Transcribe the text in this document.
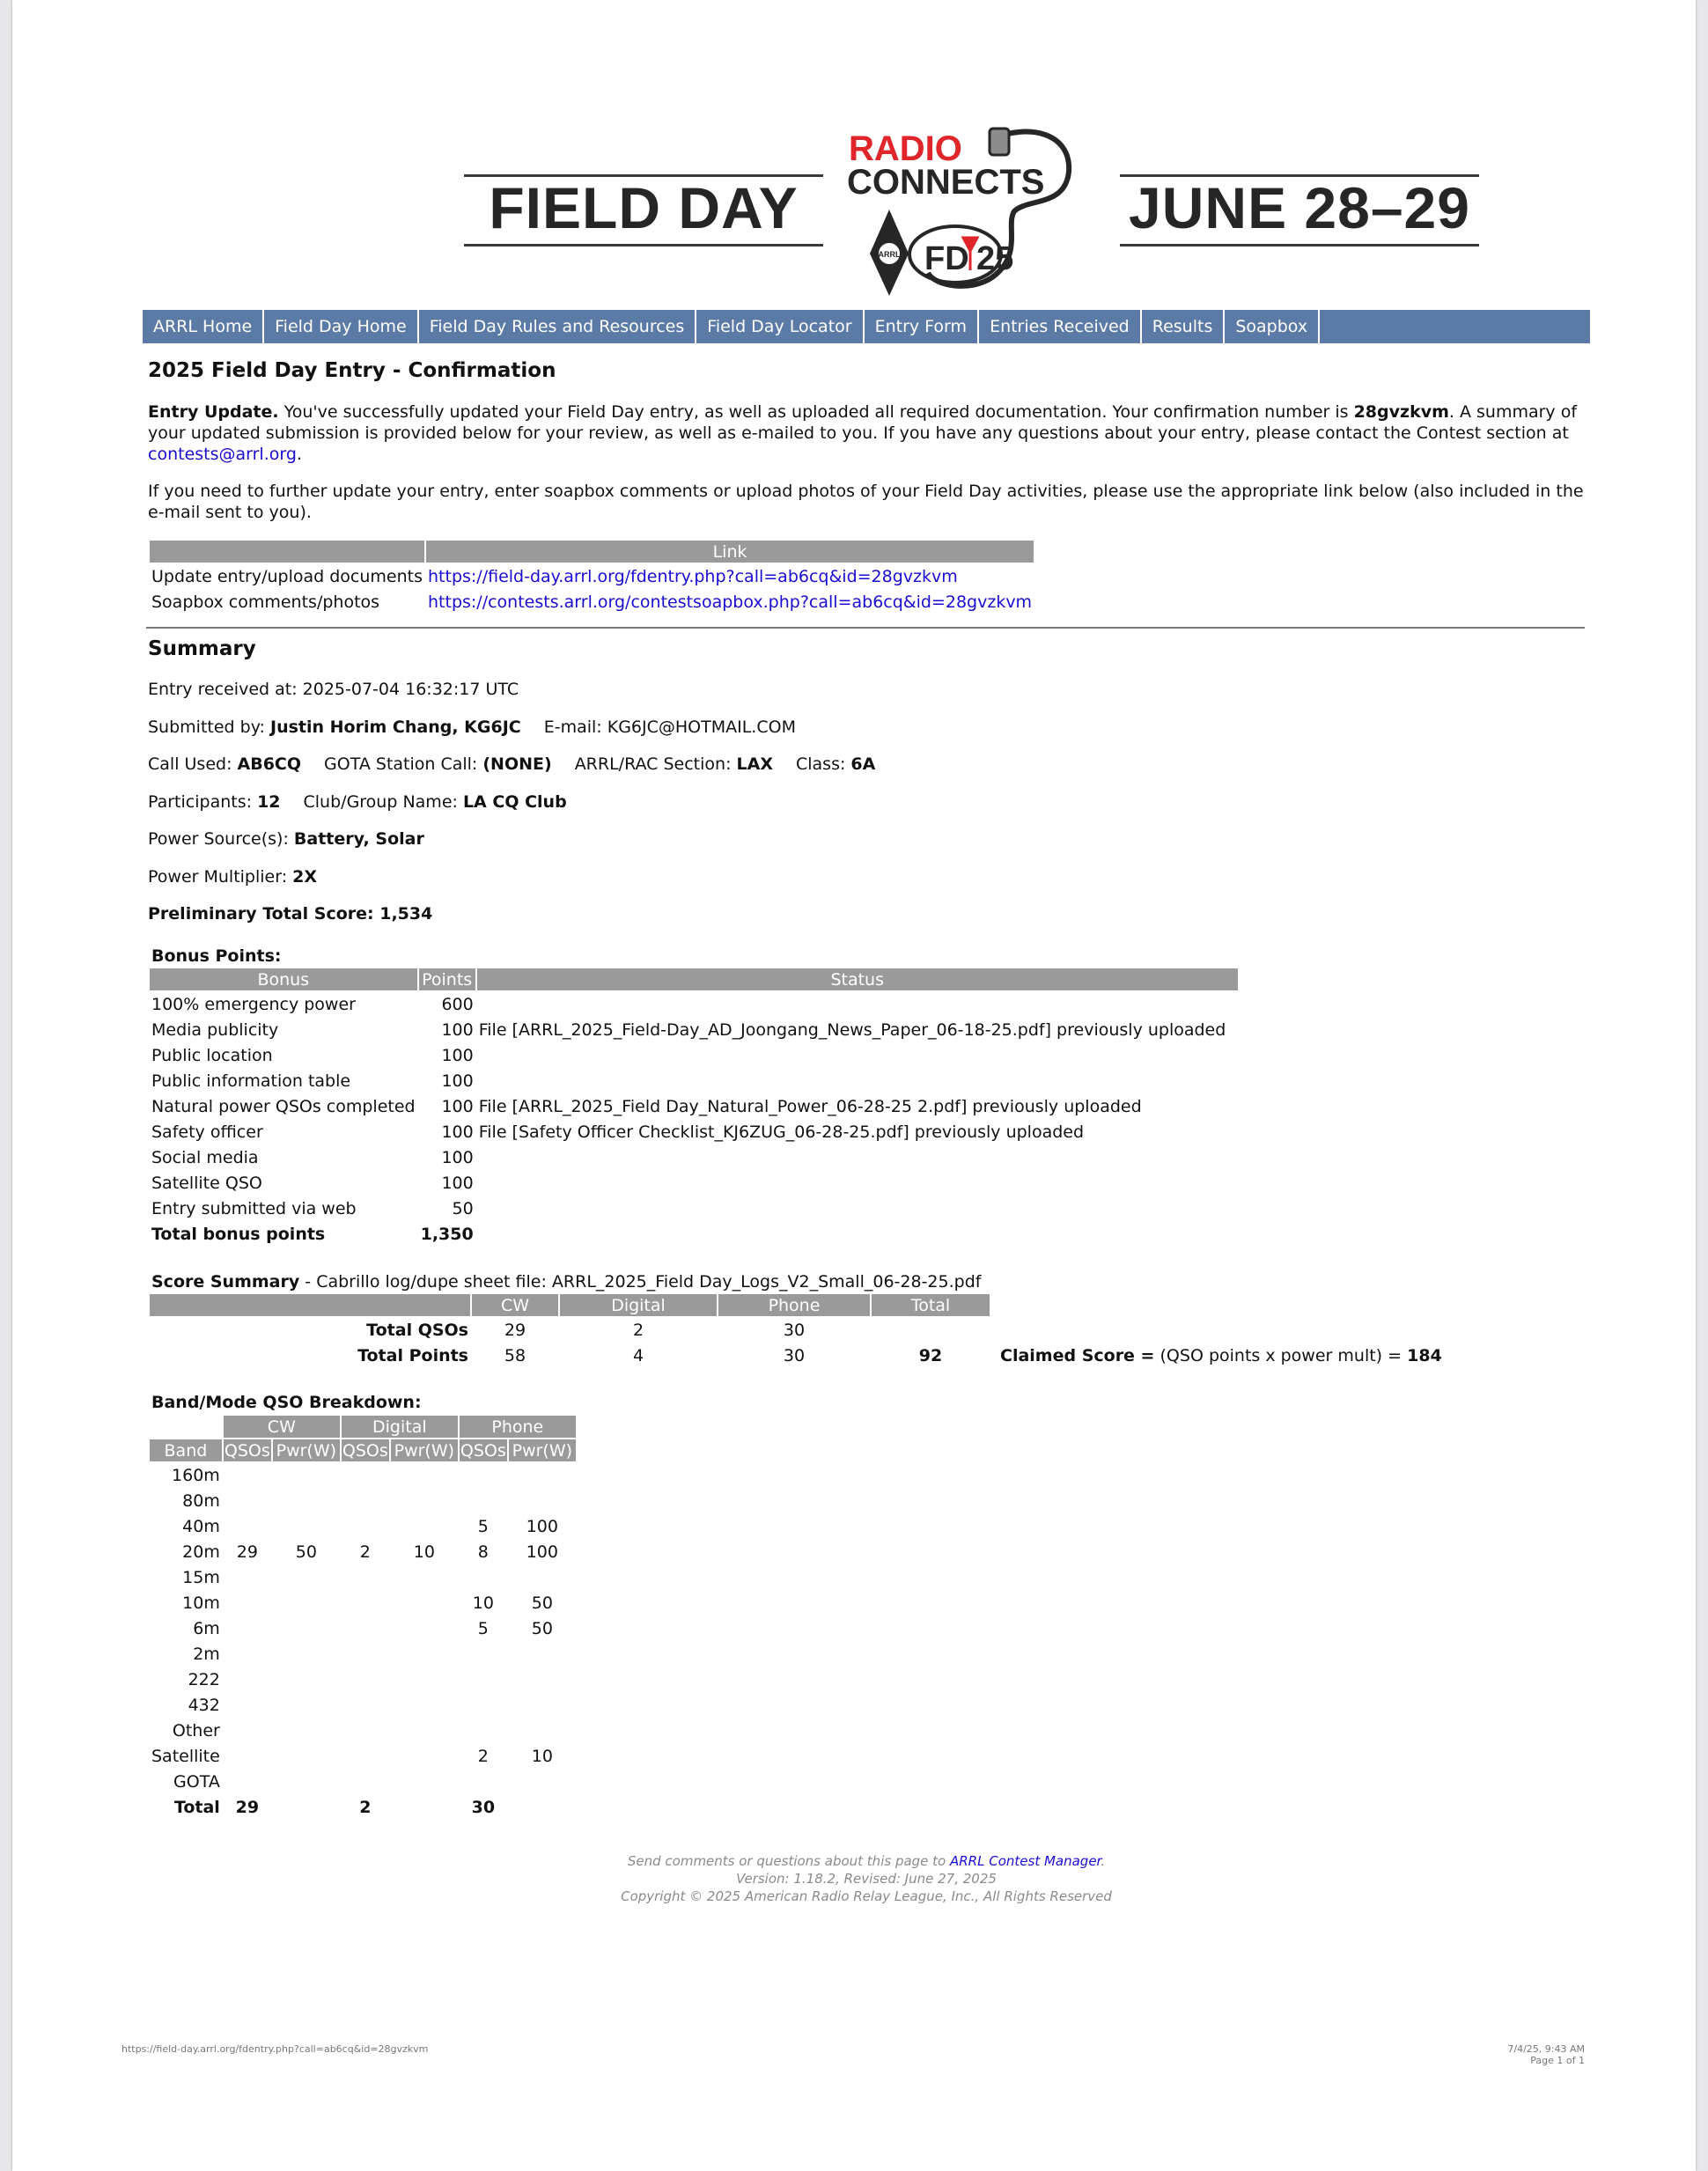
FIELD DAY	JUNE 28–29
RADIO
CONNECTS
ARRL FD 25
ARRL Home	Field Day Home	Field Day Rules and Resources	Field Day Locator	Entry Form	Entries Received	Results	Soapbox
2025 Field Day Entry - Confirmation

Entry Update. You've successfully updated your Field Day entry, as well as uploaded all required documentation. Your confirmation number is 28gvzkvm. A summary of your updated submission is provided below for your review, as well as e-mailed to you. If you have any questions about your entry, please contact the Contest section at contests@arrl.org.

If you need to further update your entry, enter soapbox comments or upload photos of your Field Day activities, please use the appropriate link below (also included in the e-mail sent to you).

	Link
Update entry/upload documents	https://field-day.arrl.org/fdentry.php?call=ab6cq&id=28gvzkvm
Soapbox comments/photos	https://contests.arrl.org/contestsoapbox.php?call=ab6cq&id=28gvzkvm
Summary
Entry received at: 2025-07-04 16:32:17 UTC
Submitted by: Justin Horim Chang, KG6JC E-mail: KG6JC@HOTMAIL.COM
Call Used: AB6CQ GOTA Station Call: (NONE) ARRL/RAC Section: LAX Class: 6A
Participants: 12 Club/Group Name: LA CQ Club
Power Source(s): Battery, Solar
Power Multiplier: 2X
Preliminary Total Score: 1,534
Bonus Points:
Bonus	Points	Status
100% emergency power	600	
Media publicity	100	File [ARRL_2025_Field-Day_AD_Joongang_News_Paper_06-18-25.pdf] previously uploaded
Public location	100	
Public information table	100	
Natural power QSOs completed	100	File [ARRL_2025_Field Day_Natural_Power_06-28-25 2.pdf] previously uploaded
Safety officer	100	File [Safety Officer Checklist_KJ6ZUG_06-28-25.pdf] previously uploaded
Social media	100	
Satellite QSO	100	
Entry submitted via web	50	
Total bonus points	1,350	
Score Summary - Cabrillo log/dupe sheet file: ARRL_2025_Field Day_Logs_V2_Small_06-28-25.pdf
	CW	Digital	Phone	Total	
Total QSOs	29	2	30		
Total Points	58	4	30	92	Claimed Score = (QSO points x power mult) = 184
Band/Mode QSO Breakdown:
	CW		Digital		Phone	
Band	QSOs	Pwr(W)	QSOs	Pwr(W)	QSOs	Pwr(W)
160m						
80m						
40m					5	100
20m	29	50	2	10	8	100
15m						
10m					10	50
6m					5	50
2m						
222						
432						
Other						
Satellite					2	10
GOTA						
Total	29		2		30	
Send comments or questions about this page to ARRL Contest Manager.
Version: 1.18.2, Revised: June 27, 2025
Copyright © 2025 American Radio Relay League, Inc., All Rights Reserved
https://field-day.arrl.org/fdentry.php?call=ab6cq&id=28gvzkvm	7/4/25, 9:43 AM
Page 1 of 1
